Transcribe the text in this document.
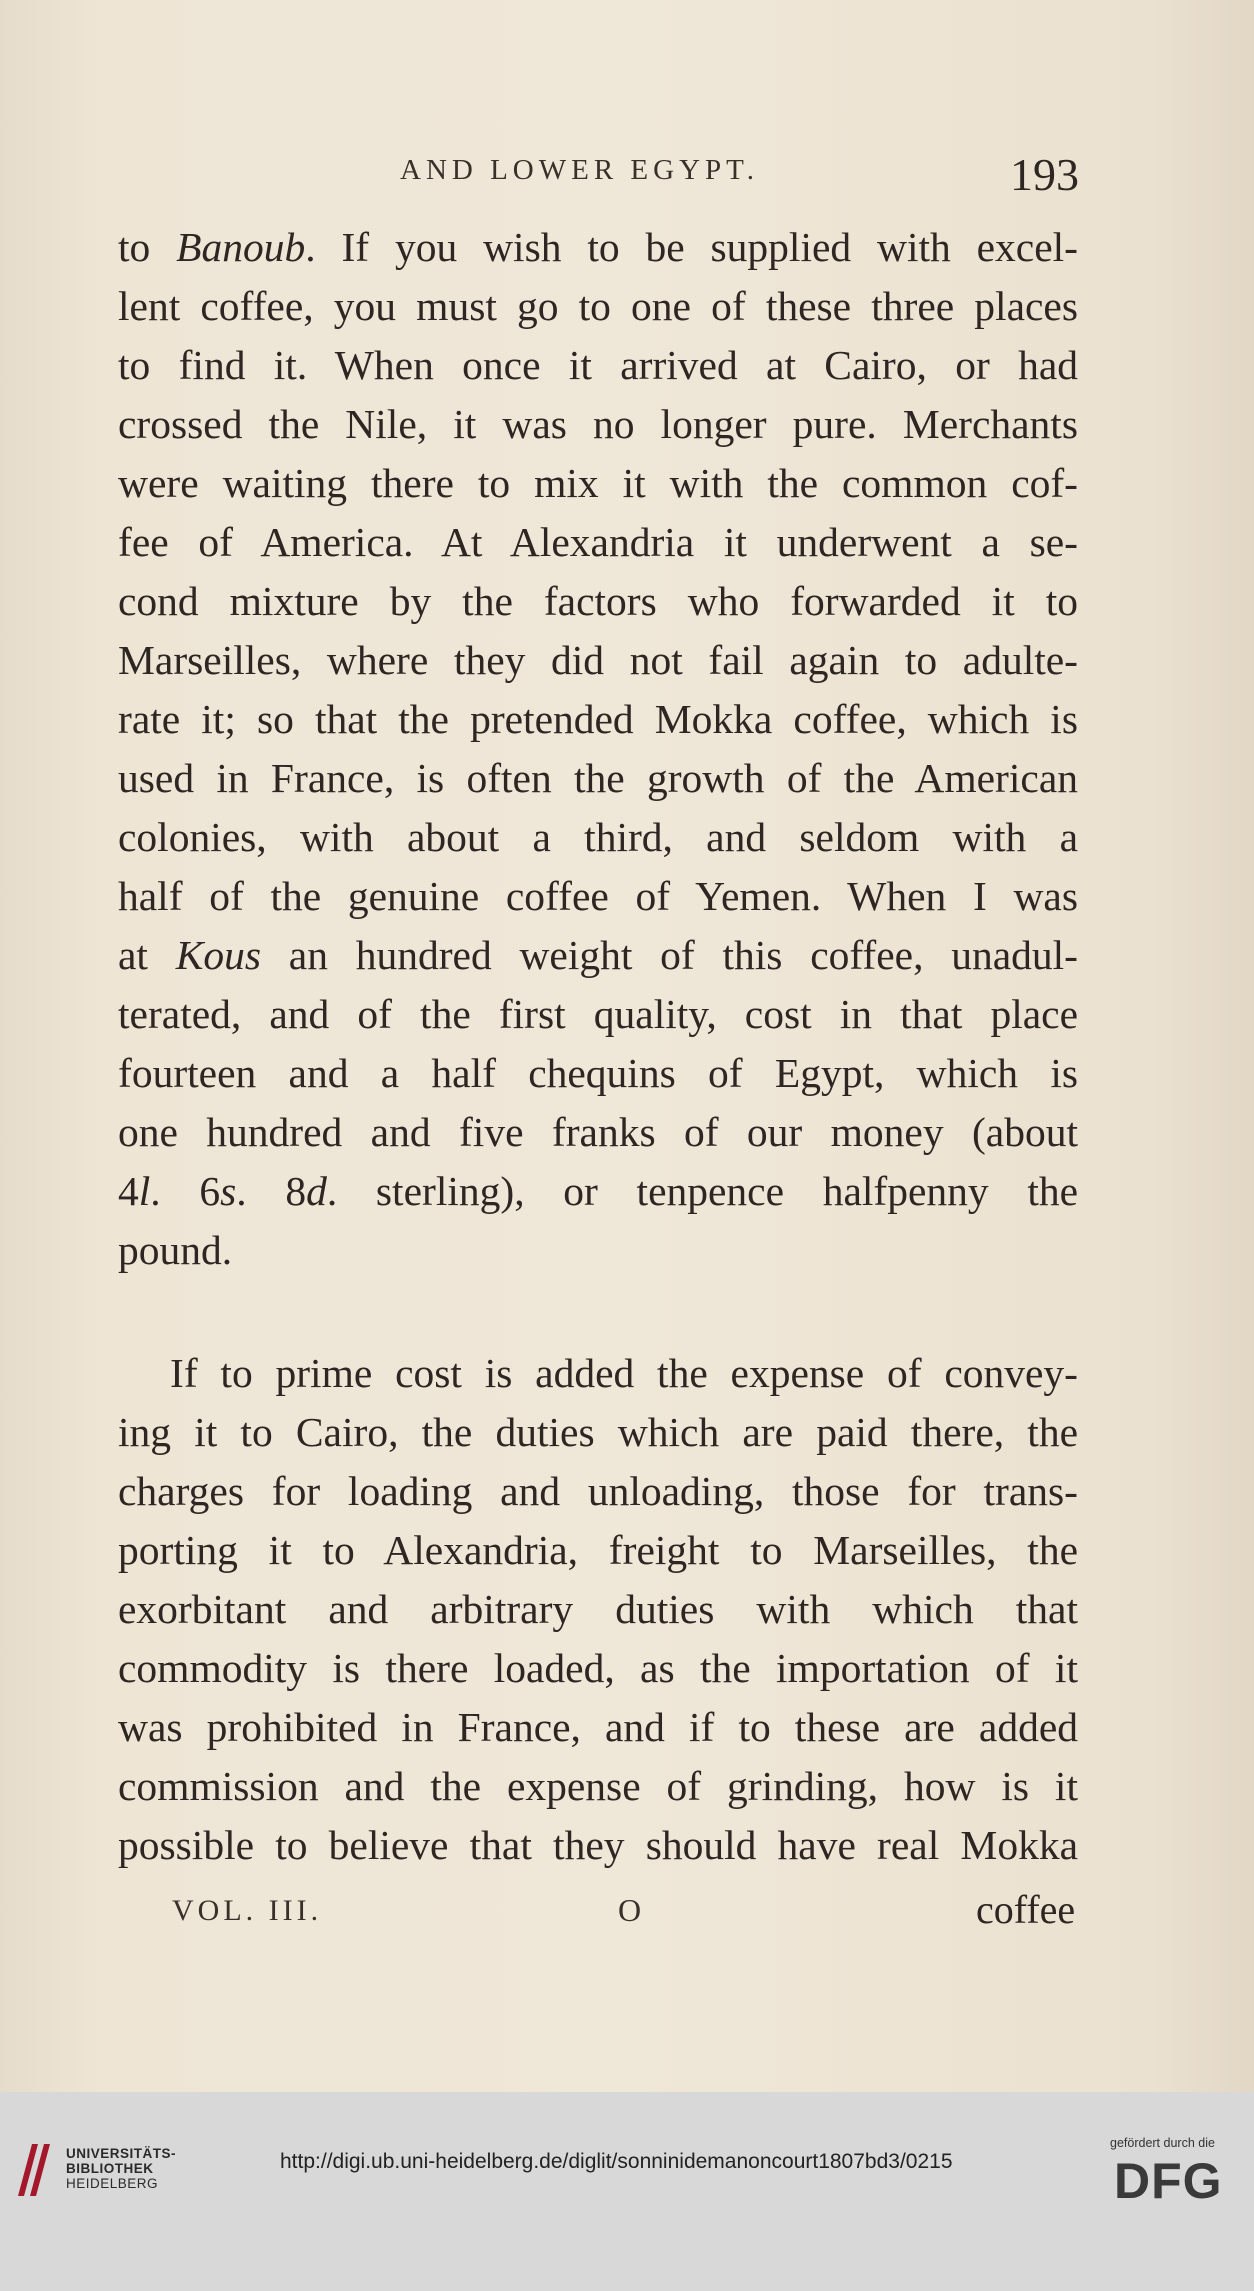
AND LOWER EGYPT.	193
to Banoub. If you wish to be supplied with excel-
lent coffee, you must go to one of these three places
to find it. When once it arrived at Cairo, or had
crossed the Nile, it was no longer pure. Merchants
were waiting there to mix it with the common cof-
fee of America. At Alexandria it underwent a se-
cond mixture by the factors who forwarded it to
Marseilles, where they did not fail again to adulte-
rate it; so that the pretended Mokka coffee, which is
used in France, is often the growth of the American
colonies, with about a third, and seldom with a
half of the genuine coffee of Yemen. When I was
at Kous an hundred weight of this coffee, unadul-
terated, and of the first quality, cost in that place
fourteen and a half chequins of Egypt, which is
one hundred and five franks of our money (about
4l. 6s. 8d. sterling), or tenpence halfpenny the
pound.
If to prime cost is added the expense of convey-
ing it to Cairo, the duties which are paid there, the
charges for loading and unloading, those for trans-
porting it to Alexandria, freight to Marseilles, the
exorbitant and arbitrary duties with which that
commodity is there loaded, as the importation of it
was prohibited in France, and if to these are added
commission and the expense of grinding, how is it
possible to believe that they should have real Mokka
VOL. III.	O	coffee
UNIVERSITÄTS-
BIBLIOTHEK
HEIDELBERG
http://digi.ub.uni-heidelberg.de/diglit/sonninidemanoncourt1807bd3/0215
gefördert durch die
DFG
